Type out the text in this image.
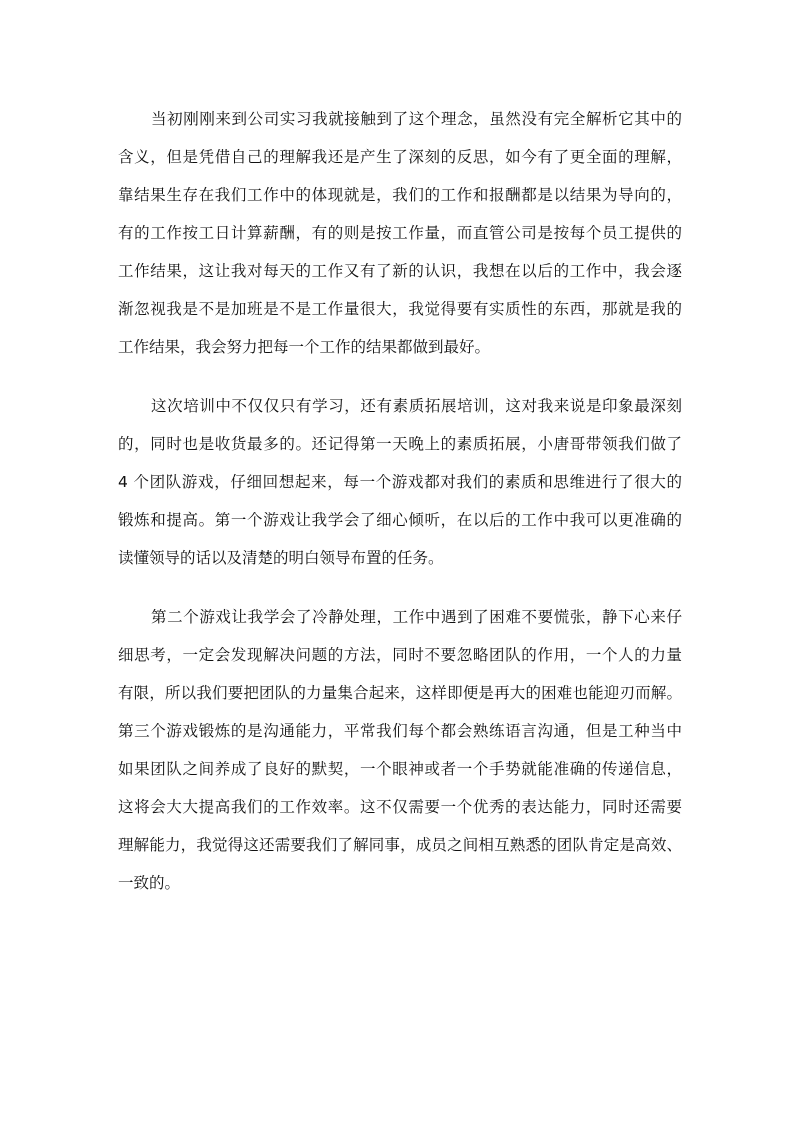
当初刚刚来到公司实习我就接触到了这个理念，虽然没有完全解析它其中的
含义，但是凭借自己的理解我还是产生了深刻的反思，如今有了更全面的理解，
靠结果生存在我们工作中的体现就是，我们的工作和报酬都是以结果为导向的，
有的工作按工日计算薪酬，有的则是按工作量，而直管公司是按每个员工提供的
工作结果，这让我对每天的工作又有了新的认识，我想在以后的工作中，我会逐
渐忽视我是不是加班是不是工作量很大，我觉得要有实质性的东西，那就是我的
工作结果，我会努力把每一个工作的结果都做到最好。
这次培训中不仅仅只有学习，还有素质拓展培训，这对我来说是印象最深刻
的，同时也是收货最多的。还记得第一天晚上的素质拓展，小唐哥带领我们做了
4 个团队游戏，仔细回想起来，每一个游戏都对我们的素质和思维进行了很大的
锻炼和提高。第一个游戏让我学会了细心倾听，在以后的工作中我可以更准确的
读懂领导的话以及清楚的明白领导布置的任务。
第二个游戏让我学会了冷静处理，工作中遇到了困难不要慌张，静下心来仔
细思考，一定会发现解决问题的方法，同时不要忽略团队的作用，一个人的力量
有限，所以我们要把团队的力量集合起来，这样即便是再大的困难也能迎刃而解。
第三个游戏锻炼的是沟通能力，平常我们每个都会熟练语言沟通，但是工种当中
如果团队之间养成了良好的默契，一个眼神或者一个手势就能准确的传递信息，
这将会大大提高我们的工作效率。这不仅需要一个优秀的表达能力，同时还需要
理解能力，我觉得这还需要我们了解同事，成员之间相互熟悉的团队肯定是高效、
一致的。
